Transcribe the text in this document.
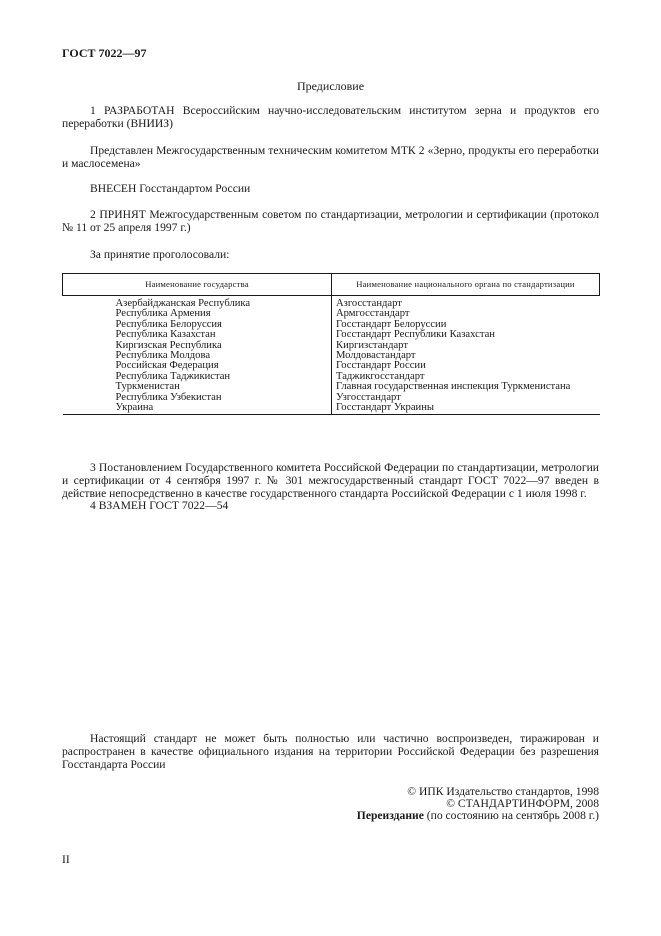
ГОСТ 7022—97
Предисловие
1 РАЗРАБОТАН Всероссийским научно-исследовательским институтом зерна и продуктов его переработки (ВНИИЗ)
Представлен Межгосударственным техническим комитетом МТК 2 «Зерно, продукты его переработки и маслосемена»
ВНЕСЕН Госстандартом России
2 ПРИНЯТ Межгосударственным советом по стандартизации, метрологии и сертификации (протокол № 11 от 25 апреля 1997 г.)
За принятие проголосовали:
Наименование государства	Наименование национального органа по стандартизации
Азербайджанская Республика	Азгосстандарт
Республика Армения	Армгосстандарт
Республика Белоруссия	Госстандарт Белоруссии
Республика Казахстан	Госстандарт Республики Казахстан
Киргизская Республика	Киргизстандарт
Республика Молдова	Молдовастандарт
Российская Федерация	Госстандарт России
Республика Таджикистан	Таджикгосстандарт
Туркменистан	Главная государственная инспекция Туркменистана
Республика Узбекистан	Узгосстандарт
Украина	Госстандарт Украины
3 Постановлением Государственного комитета Российской Федерации по стандартизации, метрологии и сертификации от 4 сентября 1997 г. № 301 межгосударственный стандарт ГОСТ 7022—97 введен в действие непосредственно в качестве государственного стандарта Российской Федерации с 1 июля 1998 г.
4 ВЗАМЕН ГОСТ 7022—54
Настоящий стандарт не может быть полностью или частично воспроизведен, тиражирован и распространен в качестве официального издания на территории Российской Федерации без разрешения Госстандарта России
© ИПК Издательство стандартов, 1998
© СТАНДАРТИНФОРМ, 2008
Переиздание (по состоянию на сентябрь 2008 г.)
II
